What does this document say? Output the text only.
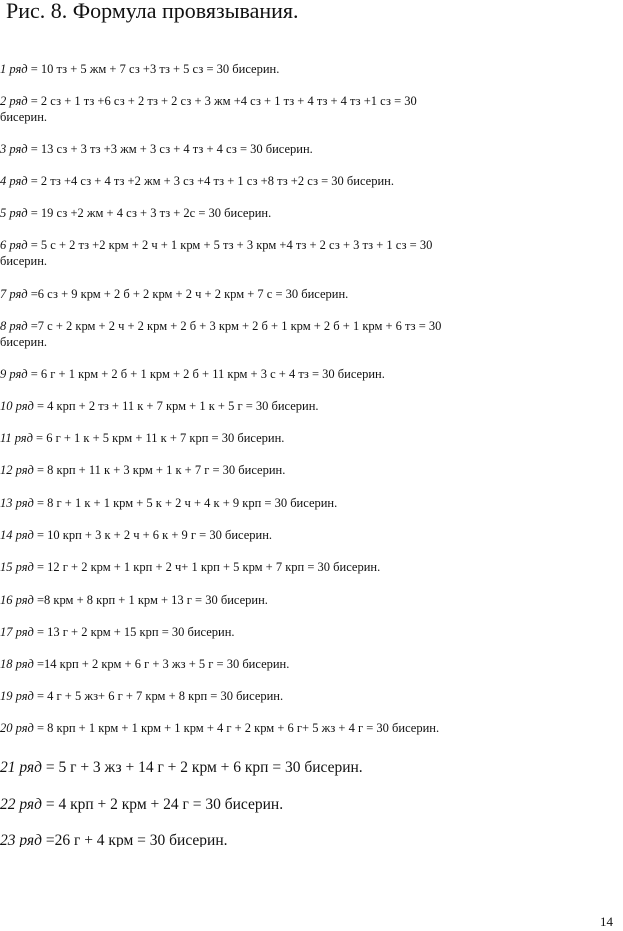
Рис. 8. Формула провязывания.
1 ряд = 10 тз + 5 жм + 7 сз +3 тз + 5 сз = 30 бисерин.
2 ряд = 2 сз + 1 тз +6 сз + 2 тз + 2 сз + 3 жм +4 сз + 1 тз + 4 тз + 4 тз +1 сз = 30 бисерин.
3 ряд = 13 сз + 3 тз +3 жм + 3 сз + 4 тз + 4 сз = 30 бисерин.
4 ряд = 2 тз +4 сз + 4 тз +2 жм + 3 сз +4 тз + 1 сз +8 тз +2 сз = 30 бисерин.
5 ряд = 19 сз +2 жм + 4 сз + 3 тз + 2с = 30 бисерин.
6 ряд = 5 с + 2 тз +2 крм + 2 ч + 1 крм + 5 тз + 3 крм +4 тз + 2 сз + 3 тз + 1 сз = 30 бисерин.
7 ряд =6 сз + 9 крм + 2 б + 2 крм + 2 ч + 2 крм + 7 с = 30 бисерин.
8 ряд =7 с + 2 крм + 2 ч + 2 крм + 2 б + 3 крм + 2 б + 1 крм + 2 б + 1 крм + 6 тз = 30 бисерин.
9 ряд = 6 г + 1 крм + 2 б + 1 крм + 2 б + 11 крм + 3 с + 4 тз = 30 бисерин.
10 ряд = 4 крп + 2 тз + 11 к + 7 крм + 1 к + 5 г = 30 бисерин.
11 ряд = 6 г + 1 к + 5 крм + 11 к + 7 крп = 30 бисерин.
12 ряд = 8 крп + 11 к + 3 крм + 1 к + 7 г = 30 бисерин.
13 ряд = 8 г + 1 к + 1 крм + 5 к + 2 ч + 4 к + 9 крп = 30 бисерин.
14 ряд = 10 крп + 3 к + 2 ч + 6 к + 9 г = 30 бисерин.
15 ряд = 12 г + 2 крм + 1 крп + 2 ч+ 1 крп + 5 крм + 7 крп = 30 бисерин.
16 ряд =8 крм + 8 крп + 1 крм + 13 г = 30 бисерин.
17 ряд = 13 г + 2 крм + 15 крп = 30 бисерин.
18 ряд =14 крп + 2 крм + 6 г + 3 жз + 5 г = 30 бисерин.
19 ряд = 4 г + 5 жз+ 6 г + 7 крм + 8 крп = 30 бисерин.
20 ряд = 8 крп + 1 крм + 1 крм + 1 крм + 4 г + 2 крм + 6 г+ 5 жз + 4 г = 30 бисерин.
21 ряд = 5 г + 3 жз + 14 г + 2 крм + 6 крп = 30 бисерин.
22 ряд = 4 крп + 2 крм + 24 г = 30 бисерин.
23 ряд =26 г + 4 крм = 30 бисерин.
14
